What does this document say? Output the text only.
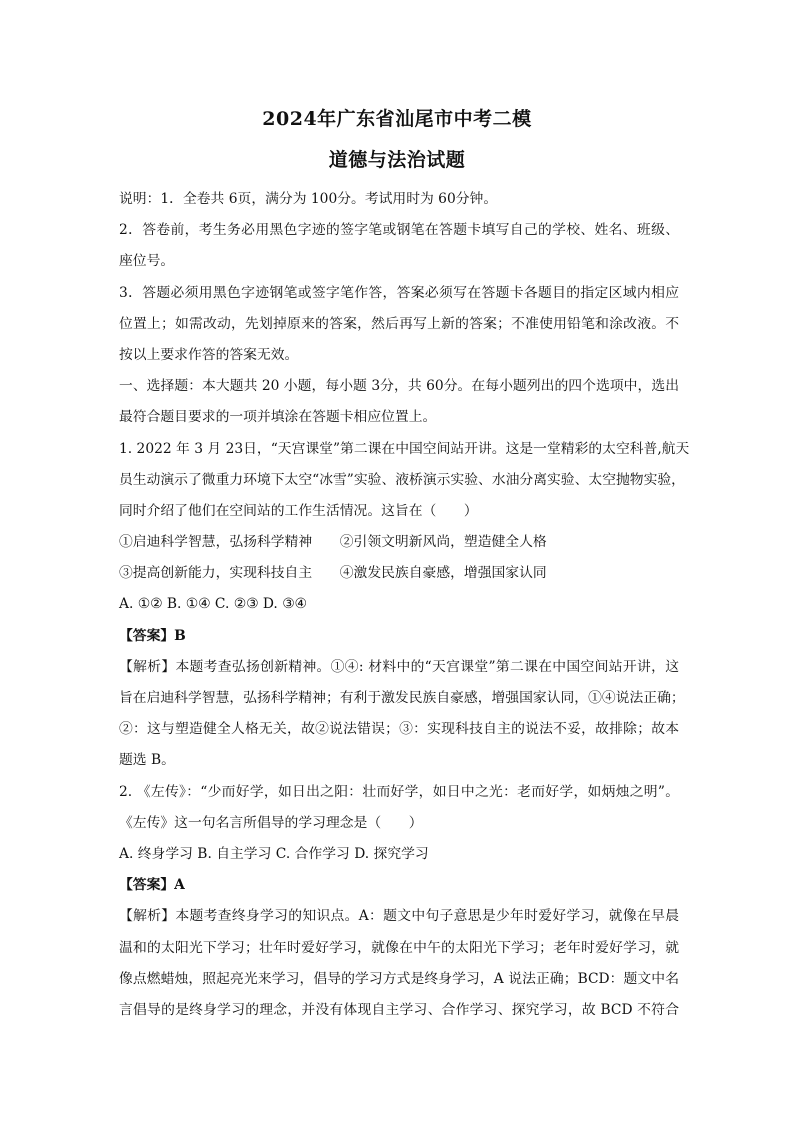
2024年广东省汕尾市中考二模
道德与法治试题
说明：1．全卷共 6页，满分为 100分。考试用时为 60分钟。
2．答卷前，考生务必用黑色字迹的签字笔或钢笔在答题卡填写自己的学校、姓名、班级、
座位号。
3．答题必须用黑色字迹钢笔或签字笔作答，答案必须写在答题卡各题目的指定区域内相应
位置上；如需改动，先划掉原来的答案，然后再写上新的答案；不准使用铅笔和涂改液。不
按以上要求作答的答案无效。
一、选择题：本大题共 20 小题，每小题 3分，共 60分。在每小题列出的四个选项中，选出
最符合题目要求的一项并填涂在答题卡相应位置上。
1. 2022 年 3 月 23日，“天宫课堂”第二课在中国空间站开讲。这是一堂精彩的太空科普,航天
员生动演示了微重力环境下太空“冰雪”实验、液桥演示实验、水油分离实验、太空抛物实验，
同时介绍了他们在空间站的工作生活情况。这旨在（　　）
①启迪科学智慧，弘扬科学精神　　②引领文明新风尚，塑造健全人格
③提高创新能力，实现科技自主　　④激发民族自豪感，增强国家认同
A. ①② B. ①④ C. ②③ D. ③④
【答案】B
【解析】本题考查弘扬创新精神。①④: 材料中的“天宫课堂”第二课在中国空间站开讲，这
旨在启迪科学智慧，弘扬科学精神；有利于激发民族自豪感，增强国家认同，①④说法正确；
②：这与塑造健全人格无关，故②说法错误；③：实现科技自主的说法不妥，故排除；故本
题选 B。
2. 《左传》：“少而好学，如日出之阳：壮而好学，如日中之光：老而好学，如炳烛之明”。
《左传》这一句名言所倡导的学习理念是（　　）
A. 终身学习 B. 自主学习 C. 合作学习 D. 探究学习
【答案】A
【解析】本题考查终身学习的知识点。A：题文中句子意思是少年时爱好学习，就像在早晨
温和的太阳光下学习；壮年时爱好学习，就像在中午的太阳光下学习；老年时爱好学习，就
像点燃蜡烛，照起亮光来学习，倡导的学习方式是终身学习，A 说法正确；BCD：题文中名
言倡导的是终身学习的理念，并没有体现自主学习、合作学习、探究学习，故 BCD 不符合
